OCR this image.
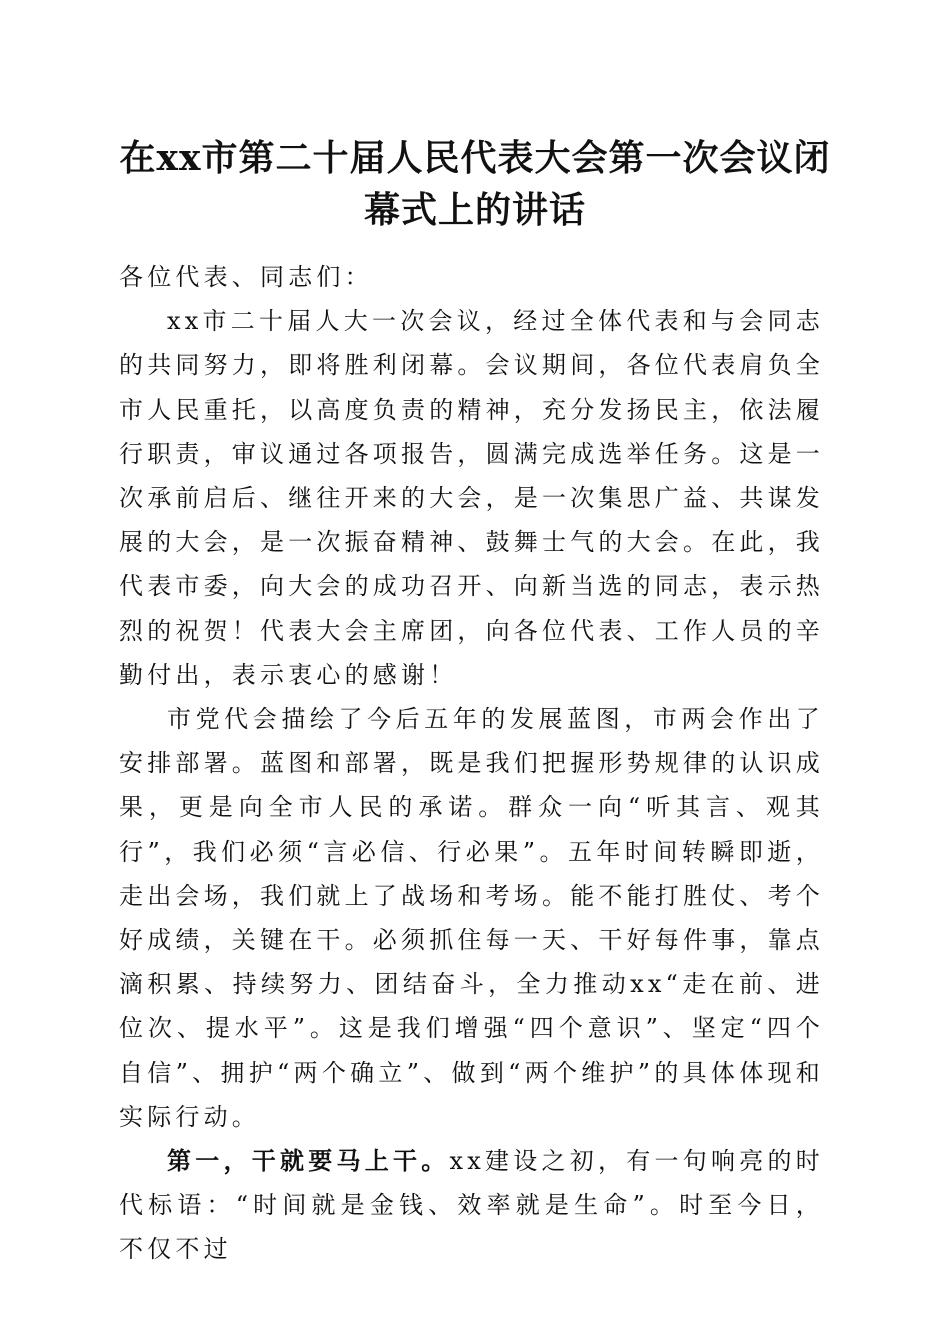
在xx市第二十届人民代表大会第一次会议闭
幕式上的讲话

各位代表、同志们：

xx市二十届人大一次会议，经过全体代表和与会同志的共同努力，即将胜利闭幕。会议期间，各位代表肩负全市人民重托，以高度负责的精神，充分发扬民主，依法履行职责，审议通过各项报告，圆满完成选举任务。这是一次承前启后、继往开来的大会，是一次集思广益、共谋发展的大会，是一次振奋精神、鼓舞士气的大会。在此，我代表市委，向大会的成功召开、向新当选的同志，表示热烈的祝贺！代表大会主席团，向各位代表、工作人员的辛勤付出，表示衷心的感谢！

市党代会描绘了今后五年的发展蓝图，市两会作出了安排部署。蓝图和部署，既是我们把握形势规律的认识成果，更是向全市人民的承诺。群众一向“听其言、观其行”，我们必须“言必信、行必果”。五年时间转瞬即逝，走出会场，我们就上了战场和考场。能不能打胜仗、考个好成绩，关键在干。必须抓住每一天、干好每件事，靠点滴积累、持续努力、团结奋斗，全力推动xx“走在前、进位次、提水平”。这是我们增强“四个意识”、坚定“四个自信”、拥护“两个确立”、做到“两个维护”的具体体现和实际行动。

第一，干就要马上干。xx建设之初，有一句响亮的时代标语：“时间就是金钱、效率就是生命”。时至今日，不仅不过
